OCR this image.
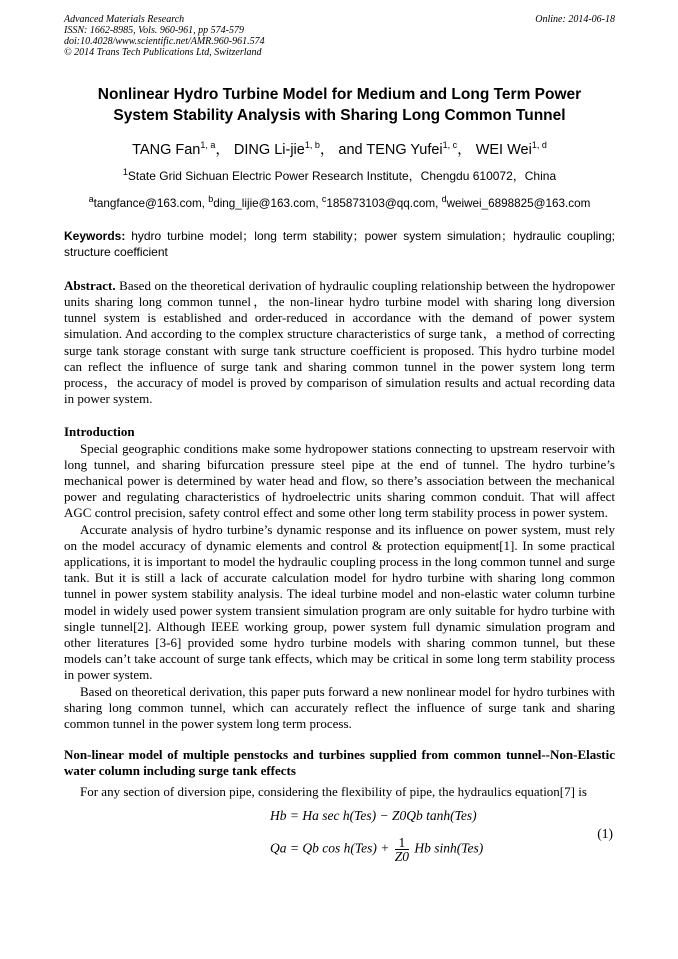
Advanced Materials Research
ISSN: 1662-8985, Vols. 960-961, pp 574-579
doi:10.4028/www.scientific.net/AMR.960-961.574
© 2014 Trans Tech Publications Ltd, Switzerland
Online: 2014-06-18
Nonlinear Hydro Turbine Model for Medium and Long Term Power
System Stability Analysis with Sharing Long Common Tunnel
TANG Fan$^{1, a}$， DING Li-jie$^{1, b}$， and TENG Yufei$^{1, c}$， WEI Wei$^{1, d}$
$^1$State Grid Sichuan Electric Power Research Institute，Chengdu 610072，China
$^a$tangfance@163.com, $^b$ding_lijie@163.com, $^c$185873103@qq.com, $^d$weiwei_6898825@163.com
Keywords: hydro turbine model；long term stability；power system simulation；hydraulic coupling; structure coefficient
Abstract. Based on the theoretical derivation of hydraulic coupling relationship between the hydropower units sharing long common tunnel，the non-linear hydro turbine model with sharing long diversion tunnel system is established and order-reduced in accordance with the demand of power system simulation. And according to the complex structure characteristics of surge tank，a method of correcting surge tank storage constant with surge tank structure coefficient is proposed. This hydro turbine model can reflect the influence of surge tank and sharing common tunnel in the power system long term process，the accuracy of model is proved by comparison of simulation results and actual recording data in power system.
Introduction

Special geographic conditions make some hydropower stations connecting to upstream reservoir with long tunnel, and sharing bifurcation pressure steel pipe at the end of tunnel. The hydro turbine’s mechanical power is determined by water head and flow, so there’s association between the mechanical power and regulating characteristics of hydroelectric units sharing common conduit. That will affect AGC control precision, safety control effect and some other long term stability process in power system.

Accurate analysis of hydro turbine’s dynamic response and its influence on power system, must rely on the model accuracy of dynamic elements and control & protection equipment[1]. In some practical applications, it is important to model the hydraulic coupling process in the long common tunnel and surge tank. But it is still a lack of accurate calculation model for hydro turbine with sharing long common tunnel in power system stability analysis. The ideal turbine model and non-elastic water column turbine model in widely used power system transient simulation program are only suitable for hydro turbine with single tunnel[2]. Although IEEE working group, power system full dynamic simulation program and other literatures [3-6] provided some hydro turbine models with sharing common tunnel, but these models can’t take account of surge tank effects, which may be critical in some long term stability process in power system.

Based on theoretical derivation, this paper puts forward a new nonlinear model for hydro turbines with sharing long common tunnel, which can accurately reflect the influence of surge tank and sharing common tunnel in the power system long term process.

Non-linear model of multiple penstocks and turbines supplied from common tunnel--Non-Elastic water column including surge tank effects

For any section of diversion pipe, considering the flexibility of pipe, the hydraulics equation[7] is

Hb = Ha sec h(Tes) − Z0Qb tanh(Tes)
Qa = Qb $\cos h(Tes) + \frac{1}{Z0}$ Hb sinh(Tes)
(1)
